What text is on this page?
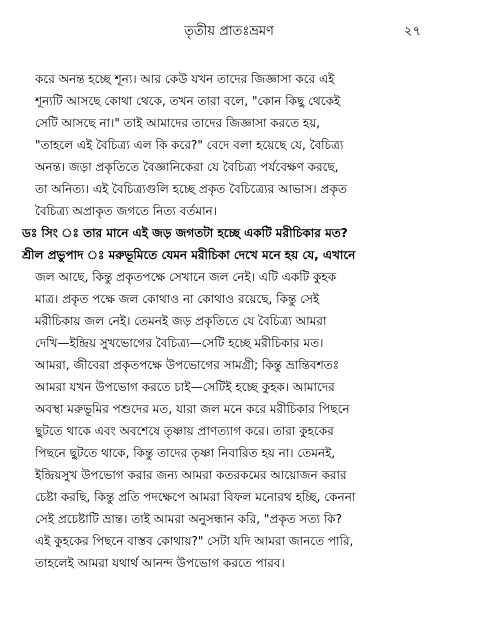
তৃতীয় প্রাতঃভ্রমণ	২৭
করে অনন্ত হচ্ছে শূন্য। আর কেউ যখন তাদের জিজ্ঞাসা করে এই
শূন্যটি আসছে কোথা থেকে, তখন তারা বলে, "কোন কিছু থেকেই
সেটি আসছে না।" তাই আমাদের তাদের জিজ্ঞাসা করতে হয়,
"তাহলে এই বৈচিত্র্য এল কি করে?" বেদে বলা হয়েছে যে, বৈচিত্র্য
অনন্ত। জড়া প্রকৃতিতে বৈজ্ঞানিকেরা যে বৈচিত্র্য পর্যবেক্ষণ করছে,
তা অনিত্য। এই বৈচিত্র্যগুলি হচ্ছে প্রকৃত বৈচিত্র্যের আভাস। প্রকৃত
বৈচিত্র্য অপ্রাকৃত জগতে নিত্য বর্তমান।
ডঃ সিং ঃ তার মানে এই জড় জগতটা হচ্ছে একটি মরীচিকার মত?
শ্রীল প্রভুপাদ ঃ মরুভূমিতে যেমন মরীচিকা দেখে মনে হয় যে, এখানে
জল আছে, কিন্তু প্রকৃতপক্ষে সেখানে জল নেই। এটি একটি কুহক
মাত্র। প্রকৃত পক্ষে জল কোথাও না কোথাও রয়েছে, কিন্তু সেই
মরীচিকায় জল নেই। তেমনই জড় প্রকৃতিতে যে বৈচিত্র্য আমরা
দেখি—ইন্দ্রিয় সুখভোগের বৈচিত্র্য—সেটি হচ্ছে মরীচিকার মত।
আমরা, জীবেরা প্রকৃতপক্ষে উপভোগের সামগ্রী; কিন্তু ভ্রান্তিবশতঃ
আমরা যখন উপভোগ করতে চাই—সেটিই হচ্ছে কুহক। আমাদের
অবস্থা মরুভূমির পশুদের মত, যারা জল মনে করে মরীচিকার পিছনে
ছুটতে থাকে এবং অবশেষে তৃষ্ণায় প্রাণত্যাগ করে। তারা কুহকের
পিছনে ছুটতে থাকে, কিন্তু তাদের তৃষ্ণা নিবারিত হয় না। তেমনই,
ইন্দ্রিয়সুখ উপভোগ করার জন্য আমরা কতরকমের আয়োজন করার
চেষ্টা করছি, কিন্তু প্রতি পদক্ষেপে আমরা বিফল মনোরথ হচ্ছি, কেননা
সেই প্রচেষ্টাটি ভ্রান্ত। তাই আমরা অনুসন্ধান করি, "প্রকৃত সত্য কি?
এই কুহকের পিছনে বাস্তব কোথায়?" সেটা যদি আমরা জানতে পারি,
তাহলেই আমরা যথার্থ আনন্দ উপভোগ করতে পারব।
